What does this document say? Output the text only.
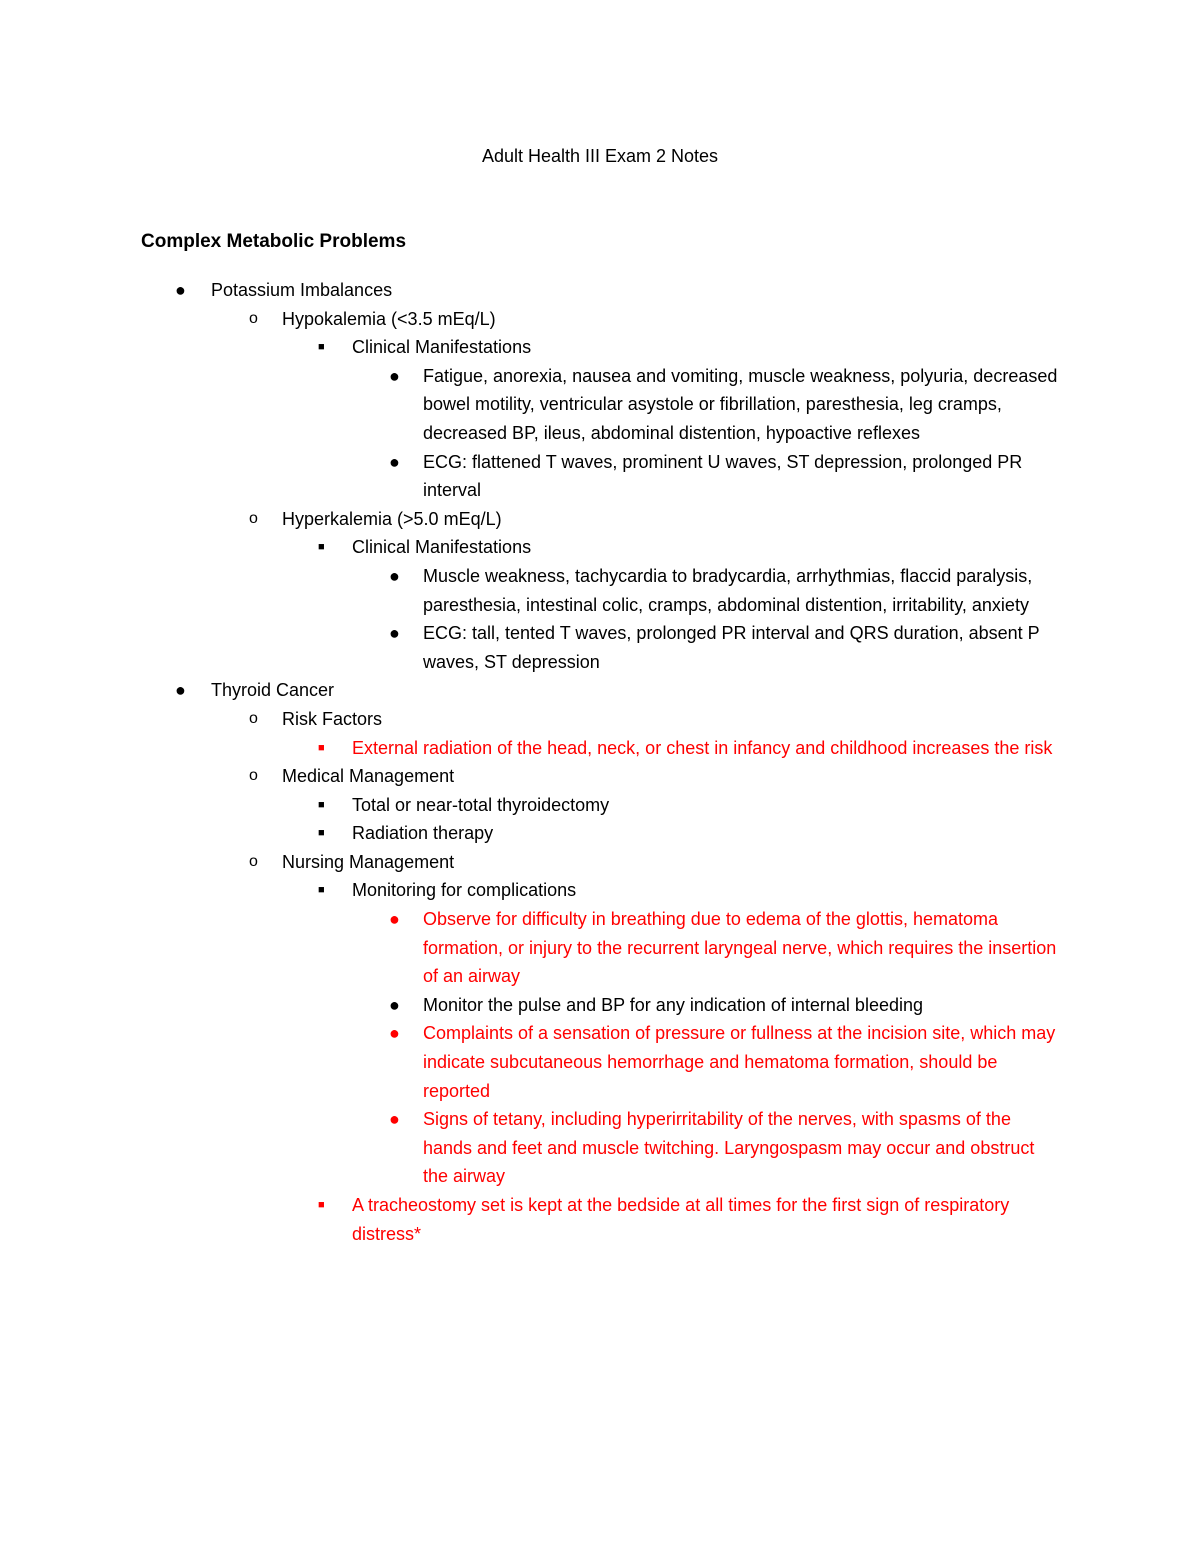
Adult Health III Exam 2 Notes
Complex Metabolic Problems
● Potassium Imbalances
o Hypokalemia (<3.5 mEq/L)
■ Clinical Manifestations
● Fatigue, anorexia, nausea and vomiting, muscle weakness, polyuria, decreased bowel motility, ventricular asystole or fibrillation, paresthesia, leg cramps, decreased BP, ileus, abdominal distention, hypoactive reflexes
● ECG: flattened T waves, prominent U waves, ST depression, prolonged PR interval
o Hyperkalemia (>5.0 mEq/L)
■ Clinical Manifestations
● Muscle weakness, tachycardia to bradycardia, arrhythmias, flaccid paralysis, paresthesia, intestinal colic, cramps, abdominal distention, irritability, anxiety
● ECG: tall, tented T waves, prolonged PR interval and QRS duration, absent P waves, ST depression
● Thyroid Cancer
o Risk Factors
■ External radiation of the head, neck, or chest in infancy and childhood increases the risk
o Medical Management
■ Total or near-total thyroidectomy
■ Radiation therapy
o Nursing Management
■ Monitoring for complications
● Observe for difficulty in breathing due to edema of the glottis, hematoma formation, or injury to the recurrent laryngeal nerve, which requires the insertion of an airway
● Monitor the pulse and BP for any indication of internal bleeding
● Complaints of a sensation of pressure or fullness at the incision site, which may indicate subcutaneous hemorrhage and hematoma formation, should be reported
● Signs of tetany, including hyperirritability of the nerves, with spasms of the hands and feet and muscle twitching. Laryngospasm may occur and obstruct the airway
■ A tracheostomy set is kept at the bedside at all times for the first sign of respiratory distress*
